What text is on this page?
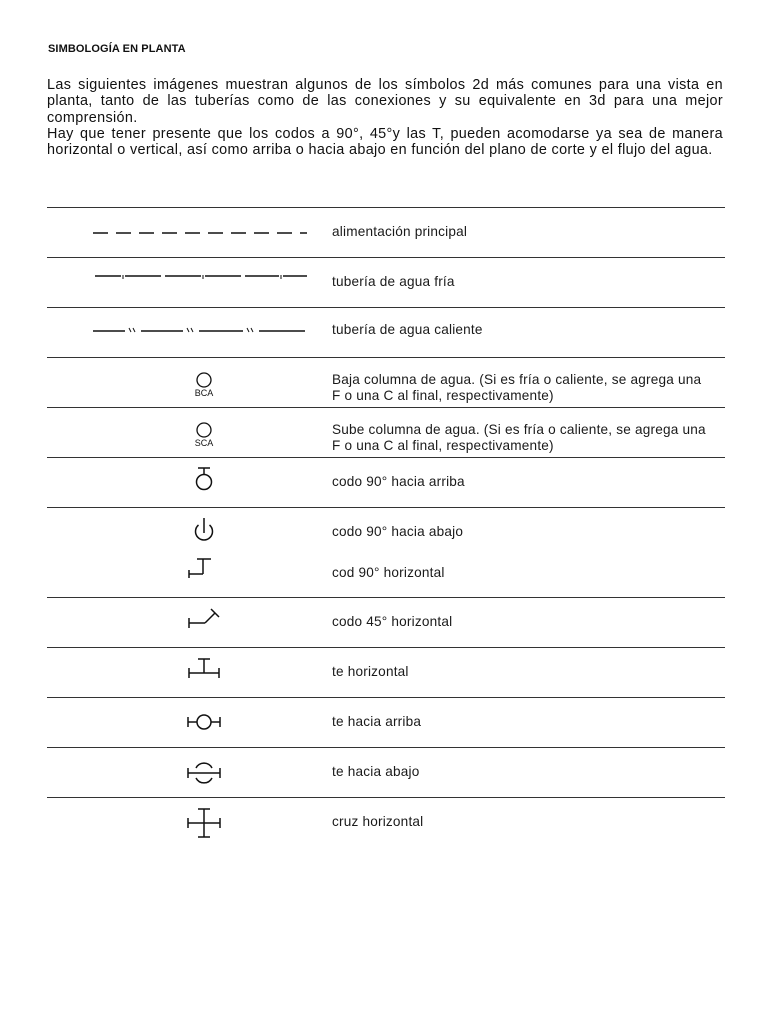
SIMBOLOGÍA EN PLANTA

Las siguientes imágenes muestran algunos de los símbolos 2d más comunes para una vista en planta, tanto de las tuberías como de las conexiones y su equivalente en 3d para una mejor comprensión.

Hay que tener presente que los codos a 90°, 45°y las T, pueden acomodarse ya sea de manera horizontal o vertical, así como arriba o hacia abajo en función del plano de corte y el flujo del agua.

alimentación principal
tubería de agua fría
tubería de agua caliente
BCA
Baja columna de agua. (Si es fría o caliente, se agrega una F o una C al final, respectivamente)
SCA
Sube columna de agua. (Si es fría o caliente, se agrega una F o una C al final, respectivamente)
codo 90° hacia arriba
codo 90° hacia abajo
cod 90° horizontal
codo 45° horizontal
te horizontal
te hacia arriba
te hacia abajo
cruz horizontal
